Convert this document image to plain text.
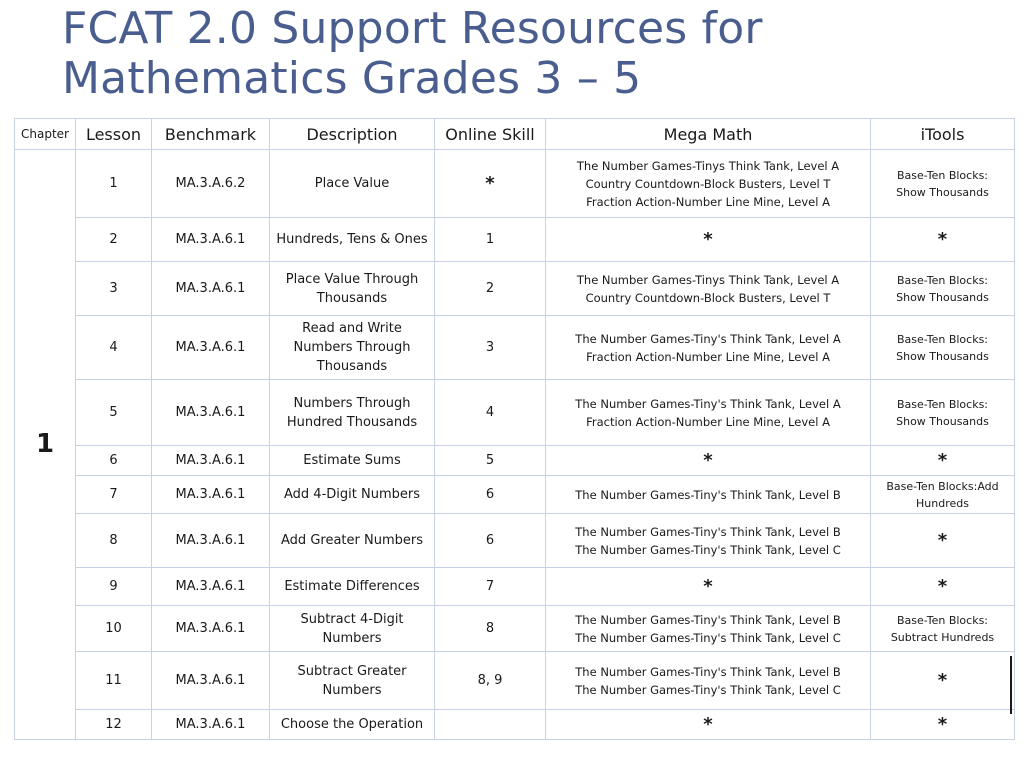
FCAT 2.0 Support Resources for
Mathematics Grades 3 – 5
Chapter	Lesson	Benchmark	Description	Online Skill	Mega Math	iTools
1	1	MA.3.A.6.2	Place Value	*	The Number Games-Tinys Think Tank, Level A
Country Countdown-Block Busters, Level T
Fraction Action-Number Line Mine, Level A	Base-Ten Blocks:
Show Thousands

	2	MA.3.A.6.1	Hundreds, Tens & Ones	1	*	*

	3	MA.3.A.6.1	Place Value Through Thousands	2	The Number Games-Tinys Think Tank, Level A
Country Countdown-Block Busters, Level T	Base-Ten Blocks:
Show Thousands

	4	MA.3.A.6.1	Read and Write Numbers Through Thousands	3	The Number Games-Tiny's Think Tank, Level A
Fraction Action-Number Line Mine, Level A	Base-Ten Blocks:
Show Thousands

	5	MA.3.A.6.1	Numbers Through Hundred Thousands	4	The Number Games-Tiny's Think Tank, Level A
Fraction Action-Number Line Mine, Level A	Base-Ten Blocks:
Show Thousands

	6	MA.3.A.6.1	Estimate Sums	5	*	*

	7	MA.3.A.6.1	Add 4-Digit Numbers	6	The Number Games-Tiny's Think Tank, Level B	Base-Ten Blocks:Add
Hundreds

	8	MA.3.A.6.1	Add Greater Numbers	6	The Number Games-Tiny's Think Tank, Level B
The Number Games-Tiny's Think Tank, Level C	*

	9	MA.3.A.6.1	Estimate Differences	7	*	*

	10	MA.3.A.6.1	Subtract 4-Digit Numbers	8	The Number Games-Tiny's Think Tank, Level B
The Number Games-Tiny's Think Tank, Level C	Base-Ten Blocks:
Subtract Hundreds

	11	MA.3.A.6.1	Subtract Greater Numbers	8, 9	The Number Games-Tiny's Think Tank, Level B
The Number Games-Tiny's Think Tank, Level C	*

	12	MA.3.A.6.1	Choose the Operation		*	*
